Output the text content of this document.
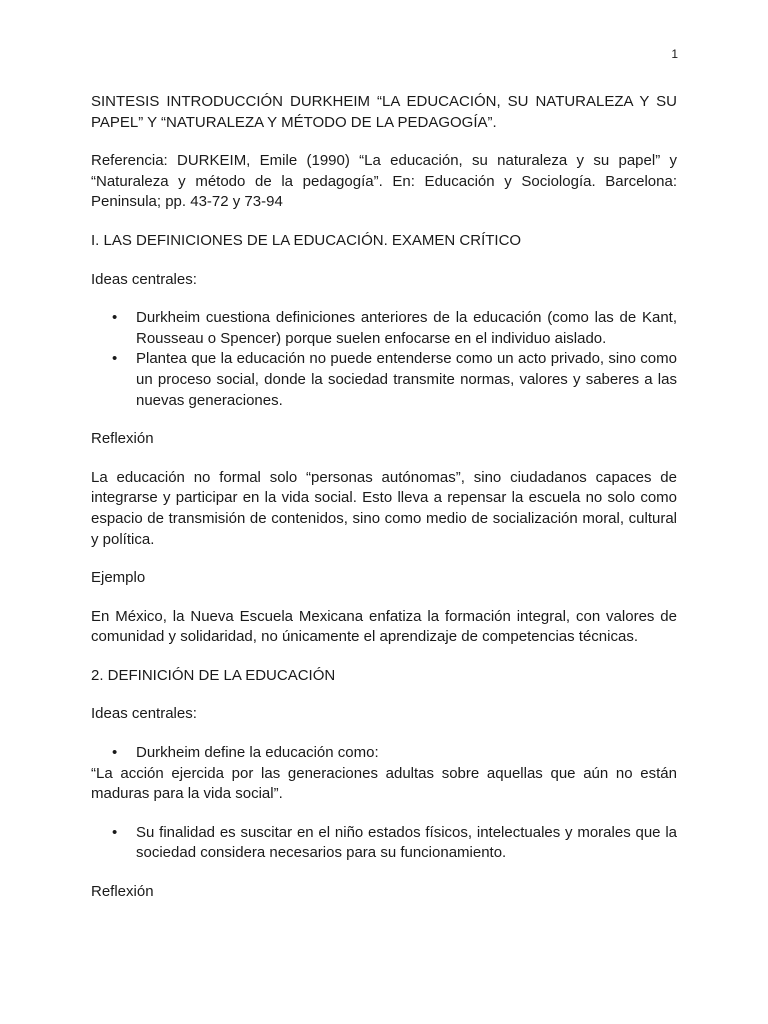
1

SINTESIS INTRODUCCIÓN DURKHEIM “LA EDUCACIÓN, SU NATURALEZA Y SU PAPEL” Y “NATURALEZA Y MÉTODO DE LA PEDAGOGÍA”.

Referencia: DURKEIM, Emile (1990) “La educación, su naturaleza y su papel” y “Naturaleza y método de la pedagogía”. En: Educación y Sociología. Barcelona: Peninsula; pp. 43-72 y 73-94

I. LAS DEFINICIONES DE LA EDUCACIÓN. EXAMEN CRÍTICO

Ideas centrales:

• Durkheim cuestiona definiciones anteriores de la educación (como las de Kant, Rousseau o Spencer) porque suelen enfocarse en el individuo aislado.
• Plantea que la educación no puede entenderse como un acto privado, sino como un proceso social, donde la sociedad transmite normas, valores y saberes a las nuevas generaciones.

Reflexión

La educación no formal solo “personas autónomas”, sino ciudadanos capaces de integrarse y participar en la vida social. Esto lleva a repensar la escuela no solo como espacio de transmisión de contenidos, sino como medio de socialización moral, cultural y política.

Ejemplo

En México, la Nueva Escuela Mexicana enfatiza la formación integral, con valores de comunidad y solidaridad, no únicamente el aprendizaje de competencias técnicas.

2. DEFINICIÓN DE LA EDUCACIÓN

Ideas centrales:

• Durkheim define la educación como:

“La acción ejercida por las generaciones adultas sobre aquellas que aún no están maduras para la vida social”.

• Su finalidad es suscitar en el niño estados físicos, intelectuales y morales que la sociedad considera necesarios para su funcionamiento.

Reflexión
